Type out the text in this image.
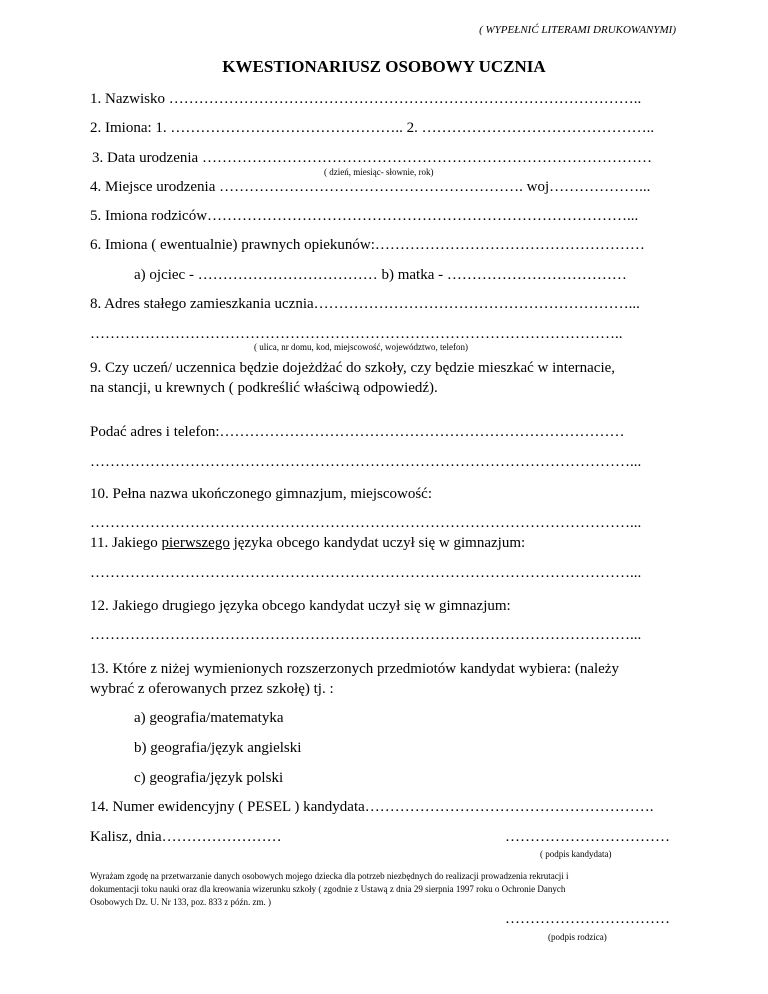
( WYPEŁNIĆ LITERAMI DRUKOWANYMI)
KWESTIONARIUSZ OSOBOWY UCZNIA
1. Nazwisko …………………………………………………………………………………..
2. Imiona: 1. ……………………………………….. 2. ………………………………………..
3. Data urodzenia ………………………………………………………………………………
( dzień, miesiąc- słownie, rok)
4. Miejsce urodzenia ……………………………………………………. woj………………...
5. Imiona rodziców…………………………………………………………………………...
6. Imiona ( ewentualnie) prawnych opiekunów:………………………………………………
a) ojciec - ……………………………… b) matka - ………………………………
8. Adres stałego zamieszkania ucznia………………………………………………………...
……………………………………………………………………………………………..
( ulica, nr domu, kod, miejscowość, województwo, telefon)
9. Czy uczeń/ uczennica będzie dojeżdżać do szkoły, czy będzie mieszkać w internacie,
na stancji, u krewnych ( podkreślić właściwą odpowiedź).
Podać adres i telefon:………………………………………………………………………
………………………………………………………………………………………………...
10. Pełna nazwa ukończonego gimnazjum, miejscowość:
………………………………………………………………………………………………...
11. Jakiego pierwszego języka obcego kandydat uczył się w gimnazjum:
………………………………………………………………………………………………...
12. Jakiego drugiego języka obcego kandydat uczył się w gimnazjum:
………………………………………………………………………………………………...
13. Które z niżej wymienionych rozszerzonych przedmiotów kandydat wybiera: (należy
wybrać z oferowanych przez szkołę) tj. :
a) geografia/matematyka
b) geografia/język angielski
c) geografia/język polski
14. Numer ewidencyjny ( PESEL ) kandydata………………………………………………….
Kalisz, dnia……………………	……………………………
( podpis kandydata)
Wyrażam zgodę na przetwarzanie danych osobowych mojego dziecka dla potrzeb niezbędnych do realizacji prowadzenia rekrutacji i
dokumentacji toku nauki oraz dla kreowania wizerunku szkoły ( zgodnie z Ustawą z dnia 29 sierpnia 1997 roku o Ochronie Danych
Osobowych Dz. U. Nr 133, poz. 833 z późn. zm. )
……………………………
(podpis rodzica)
